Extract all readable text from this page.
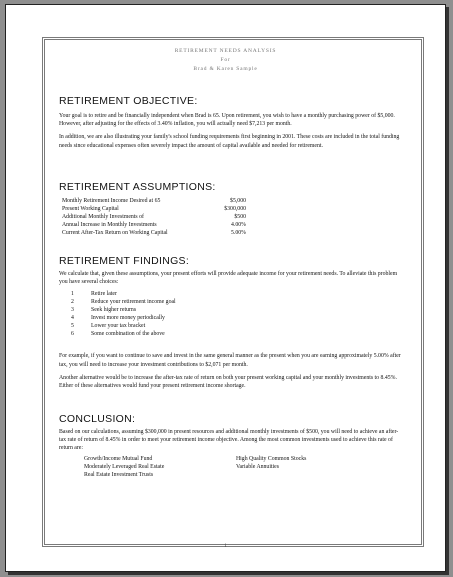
RETIREMENT NEEDS ANALYSIS
For
Brad & Karen Sample
RETIREMENT OBJECTIVE:

Your goal is to retire and be financially independent when Brad is 65. Upon retirement, you wish to have a monthly purchasing power of $5,000. However, after adjusting for the effects of 3.40% inflation, you will actually need $7,213 per month.

In addition, we are also illustrating your family's school funding requirements first beginning in 2001. These costs are included in the total funding needs since educational expenses often severely impact the amount of capital available and needed for retirement.

RETIREMENT ASSUMPTIONS:
Monthly Retirement Income Desired at 65	$5,000
Present Working Capital	$300,000
Additional Monthly Investments of	$500
Annual Increase in Monthly Investments	4.00%
Current After-Tax Return on Working Capital	5.00%
RETIREMENT FINDINGS:

We calculate that, given these assumptions, your present efforts will provide adequate income for your retirement needs. To alleviate this problem you have several choices:

1	Retire later
2	Reduce your retirement income goal
3	Seek higher returns
4	Invest more money periodically
5	Lower your tax bracket
6	Some combination of the above

For example, if you want to continue to save and invest in the same general manner as the present when you are earning approximately 5.00% after tax, you will need to increase your investment contributions to $2,071 per month.

Another alternative would be to increase the after-tax rate of return on both your present working capital and your monthly investments to 8.45%. Either of these alternatives would fund your present retirement income shortage.

CONCLUSION:

Based on our calculations, assuming $300,000 in present resources and additional monthly investments of $500, you will need to achieve an after-tax rate of return of 8.45% in order to meet your retirement income objective. Among the most common investments used to achieve this rate of return are:

Growth/Income Mutual Fund	High Quality Common Stocks
Moderately Leveraged Real Estate	Variable Annuities
Real Estate Investment Trusts
1
